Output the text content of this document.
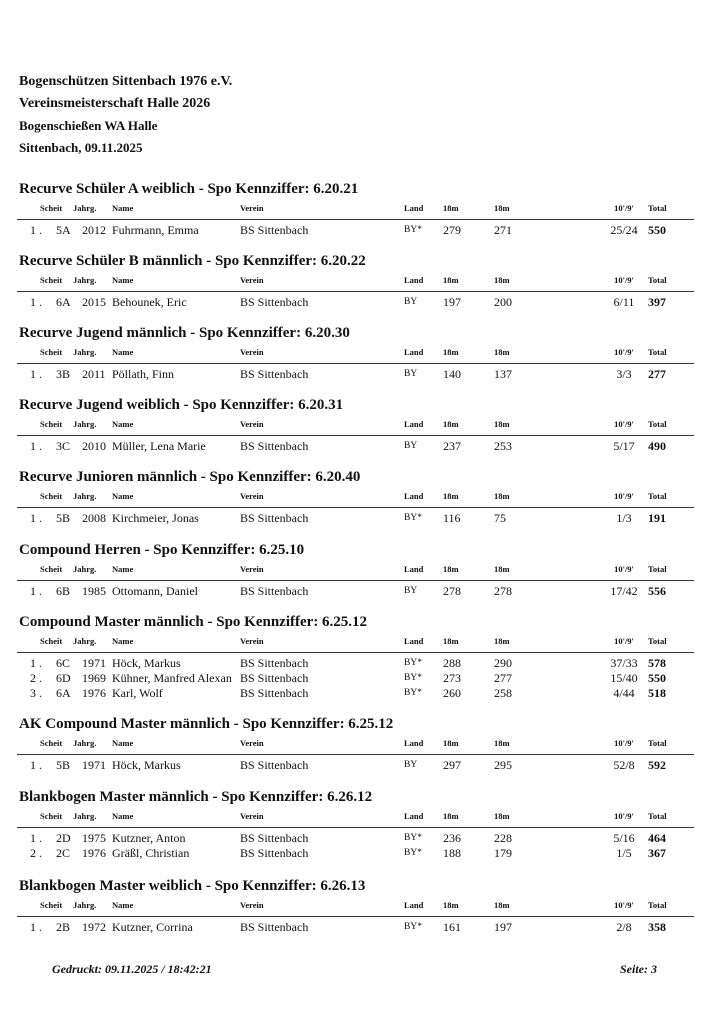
Bogenschützen Sittenbach 1976 e.V.
Vereinsmeisterschaft Halle 2026
Bogenschießen WA Halle
Sittenbach, 09.11.2025
Recurve Schüler A weiblich - Spo Kennziffer: 6.20.21
Scheit Jahrg. Name	Verein	Land 18m	18m	10'/9'	Total
1 . 5A 2012 Fuhrmann, Emma	BS Sittenbach	BY* 279	271	25/24 550
Recurve Schüler B männlich - Spo Kennziffer: 6.20.22
Scheit Jahrg. Name	Verein	Land 18m	18m	10'/9'	Total
1 . 6A 2015 Behounek, Eric	BS Sittenbach	BY 197	200	6/11	397
Recurve Jugend männlich - Spo Kennziffer: 6.20.30
Scheit Jahrg. Name	Verein	Land 18m	18m	10'/9'	Total
1 . 3B 2011 Pöllath, Finn	BS Sittenbach	BY 140	137	3/3	277
Recurve Jugend weiblich - Spo Kennziffer: 6.20.31
Scheit Jahrg. Name	Verein	Land 18m	18m	10'/9'	Total
1 . 3C 2010 Müller, Lena Marie	BS Sittenbach	BY 237	253	5/17	490
Recurve Junioren männlich - Spo Kennziffer: 6.20.40
Scheit Jahrg. Name	Verein	Land 18m	18m	10'/9'	Total
1 . 5B 2008 Kirchmeier, Jonas	BS Sittenbach	BY* 116	75	1/3	191
Compound Herren - Spo Kennziffer: 6.25.10
Scheit Jahrg. Name	Verein	Land 18m	18m	10'/9'	Total
1 . 6B 1985 Ottomann, Daniel	BS Sittenbach	BY 278	278	17/42 556
Compound Master männlich - Spo Kennziffer: 6.25.12
Scheit Jahrg. Name	Verein	Land 18m	18m	10'/9'	Total
1 . 6C 1971 Höck, Markus	BS Sittenbach	BY* 288	290	37/33 578
2 . 6D 1969 Kühner, Manfred Alexan BS Sittenbach	BY* 273	277	15/40 550
3 . 6A 1976 Karl, Wolf	BS Sittenbach	BY* 260	258	4/44	518
AK Compound Master männlich - Spo Kennziffer: 6.25.12
Scheit Jahrg. Name	Verein	Land 18m	18m	10'/9'	Total
1 . 5B 1971 Höck, Markus	BS Sittenbach	BY 297	295	52/8	592
Blankbogen Master männlich - Spo Kennziffer: 6.26.12
Scheit Jahrg. Name	Verein	Land 18m	18m	10'/9'	Total
1 . 2D 1975 Kutzner, Anton	BS Sittenbach	BY* 236	228	5/16	464
2 . 2C 1976 Gräßl, Christian	BS Sittenbach	BY* 188	179	1/5	367
Blankbogen Master weiblich - Spo Kennziffer: 6.26.13
Scheit Jahrg. Name	Verein	Land 18m	18m	10'/9'	Total
1 . 2B 1972 Kutzner, Corrina	BS Sittenbach	BY* 161	197	2/8	358
Gedruckt: 09.11.2025 / 18:42:21	Seite: 3
